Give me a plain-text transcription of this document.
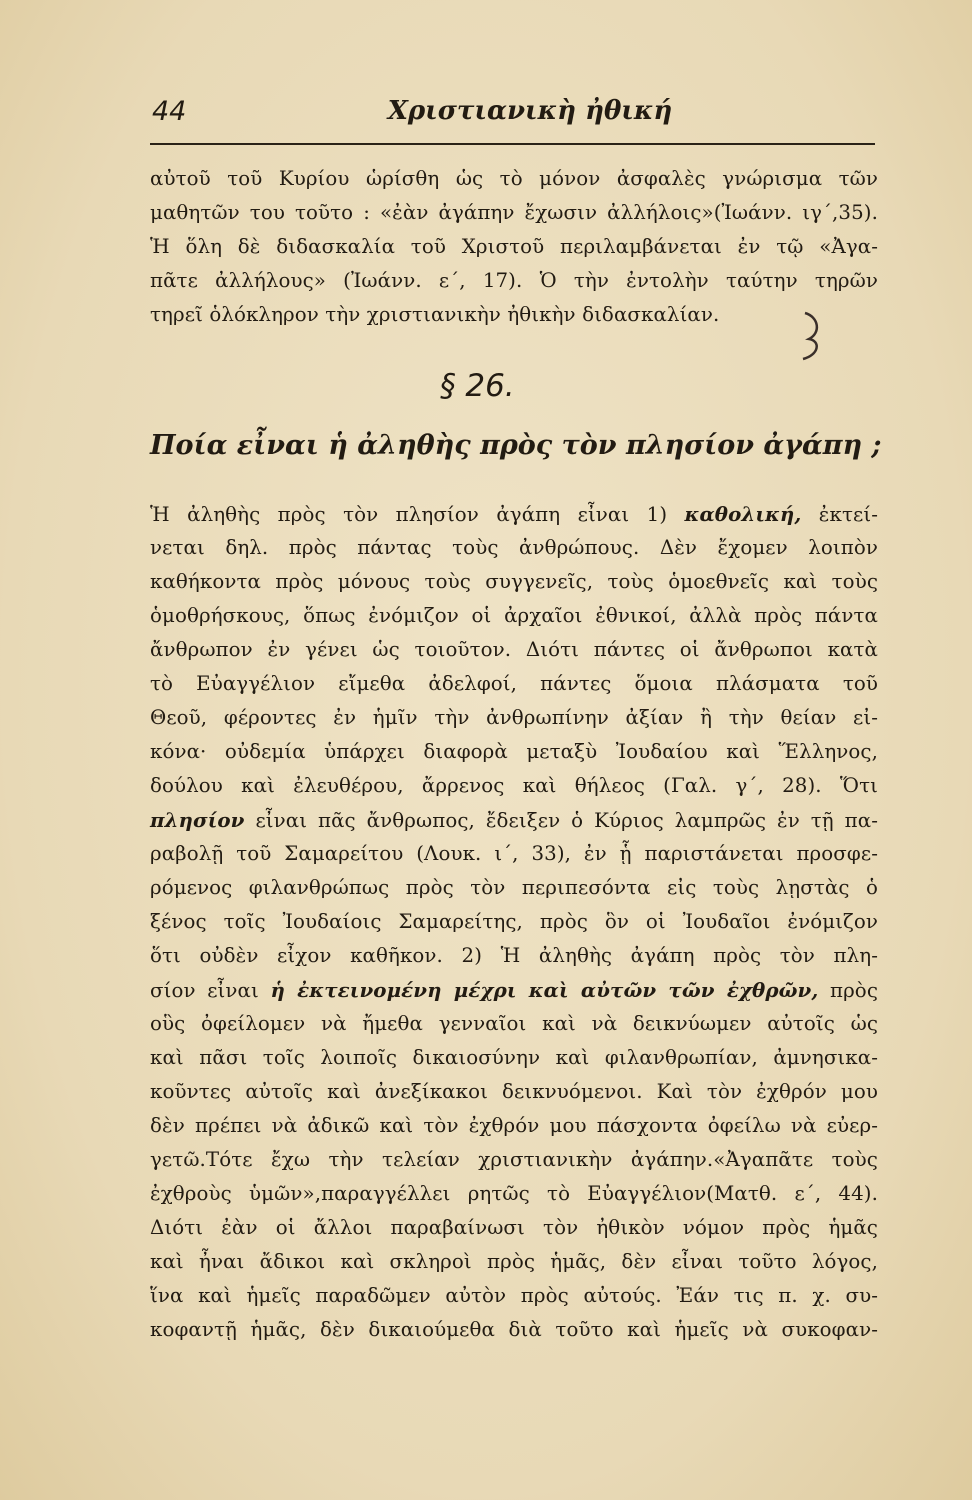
44	Χριστιανικὴ ἠθική
αὐτοῦ τοῦ Κυρίου ὡρίσθη ὡς τὸ μόνον ἀσφαλὲς γνώρισμα τῶν
μαθητῶν του τοῦτο : «ἐὰν ἀγάπην ἔχωσιν ἀλλήλοις»(Ἰωάνν. ιγ΄,35).
Ἡ ὅλη δὲ διδασκαλία τοῦ Χριστοῦ περιλαμβάνεται ἐν τῷ «Ἀγα-
πᾶτε ἀλλήλους» (Ἰωάνν. ε΄, 17). Ὁ τὴν ἐντολὴν ταύτην τηρῶν
τηρεῖ ὁλόκληρον τὴν χριστιανικὴν ἠθικὴν διδασκαλίαν.
§ 26.
Ποία εἶναι ἡ ἀληθὴς πρὸς τὸν πλησίον ἀγάπη ;
Ἡ ἀληθὴς πρὸς τὸν πλησίον ἀγάπη εἶναι 1) καθολική, ἐκτεί-
νεται δηλ. πρὸς πάντας τοὺς ἀνθρώπους. Δὲν ἔχομεν λοιπὸν
καθήκοντα πρὸς μόνους τοὺς συγγενεῖς, τοὺς ὁμοεθνεῖς καὶ τοὺς
ὁμοθρήσκους, ὅπως ἐνόμιζον οἱ ἀρχαῖοι ἐθνικοί, ἀλλὰ πρὸς πάντα
ἄνθρωπον ἐν γένει ὡς τοιοῦτον. Διότι πάντες οἱ ἄνθρωποι κατὰ
τὸ Εὐαγγέλιον εἴμεθα ἀδελφοί, πάντες ὅμοια πλάσματα τοῦ
Θεοῦ, φέροντες ἐν ἡμῖν τὴν ἀνθρωπίνην ἀξίαν ἢ τὴν θείαν εἰ-
κόνα· οὐδεμία ὑπάρχει διαφορὰ μεταξὺ Ἰουδαίου καὶ Ἕλληνος,
δούλου καὶ ἐλευθέρου, ἄρρενος καὶ θήλεος (Γαλ. γ΄, 28). Ὅτι
πλησίον εἶναι πᾶς ἄνθρωπος, ἔδειξεν ὁ Κύριος λαμπρῶς ἐν τῇ πα-
ραβολῇ τοῦ Σαμαρείτου (Λουκ. ι΄, 33), ἐν ᾗ παριστάνεται προσφε-
ρόμενος φιλανθρώπως πρὸς τὸν περιπεσόντα εἰς τοὺς λῃστὰς ὁ
ξένος τοῖς Ἰουδαίοις Σαμαρείτης, πρὸς ὃν οἱ Ἰουδαῖοι ἐνόμιζον
ὅτι οὐδὲν εἶχον καθῆκον. 2) Ἡ ἀληθὴς ἀγάπη πρὸς τὸν πλη-
σίον εἶναι ἡ ἐκτεινομένη μέχρι καὶ αὐτῶν τῶν ἐχθρῶν, πρὸς
οὓς ὀφείλομεν νὰ ἤμεθα γενναῖοι καὶ νὰ δεικνύωμεν αὐτοῖς ὡς
καὶ πᾶσι τοῖς λοιποῖς δικαιοσύνην καὶ φιλανθρωπίαν, ἀμνησικα-
κοῦντες αὐτοῖς καὶ ἀνεξίκακοι δεικνυόμενοι. Καὶ τὸν ἐχθρόν μου
δὲν πρέπει νὰ ἀδικῶ καὶ τὸν ἐχθρόν μου πάσχοντα ὀφείλω νὰ εὐερ-
γετῶ.Τότε ἔχω τὴν τελείαν χριστιανικὴν ἀγάπην.«Ἀγαπᾶτε τοὺς
ἐχθροὺς ὑμῶν»,παραγγέλλει ρητῶς τὸ Εὐαγγέλιον(Ματθ. ε΄, 44).
Διότι ἐὰν οἱ ἄλλοι παραβαίνωσι τὸν ἠθικὸν νόμον πρὸς ἡμᾶς
καὶ ἦναι ἄδικοι καὶ σκληροὶ πρὸς ἡμᾶς, δὲν εἶναι τοῦτο λόγος,
ἵνα καὶ ἡμεῖς παραδῶμεν αὐτὸν πρὸς αὐτούς. Ἐάν τις π. χ. συ-
κοφαντῇ ἡμᾶς, δὲν δικαιούμεθα διὰ τοῦτο καὶ ἡμεῖς νὰ συκοφαν-
